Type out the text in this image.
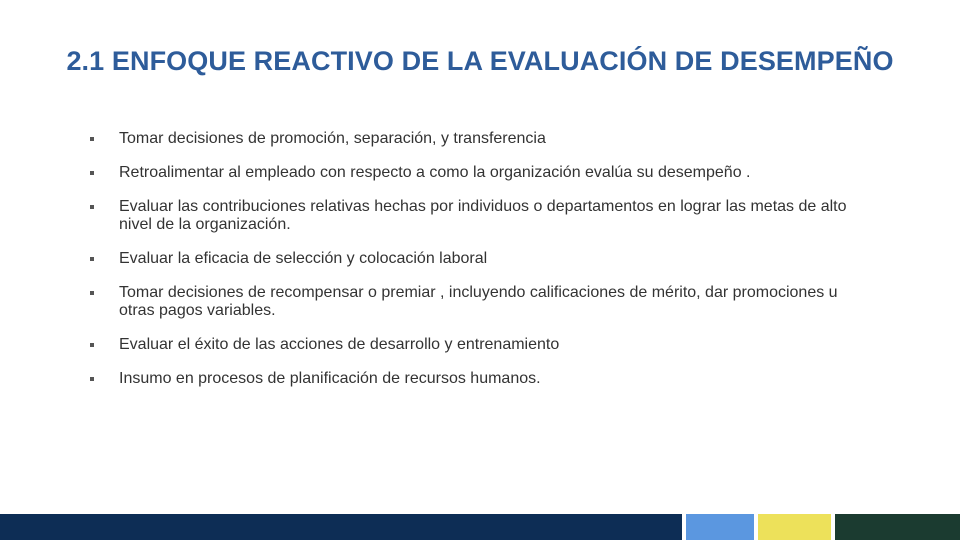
2.1 ENFOQUE REACTIVO DE LA EVALUACIÓN DE DESEMPEÑO
Tomar decisiones de promoción, separación, y transferencia
Retroalimentar al empleado con respecto a como la organización evalúa su desempeño .
Evaluar las contribuciones relativas hechas por individuos o departamentos en lograr las metas de alto nivel de la organización.
Evaluar la eficacia de selección y colocación laboral
Tomar decisiones de recompensar o premiar , incluyendo calificaciones de mérito, dar promociones u otras pagos variables.
Evaluar el éxito de las acciones de desarrollo y entrenamiento
Insumo en procesos de planificación de recursos humanos.
